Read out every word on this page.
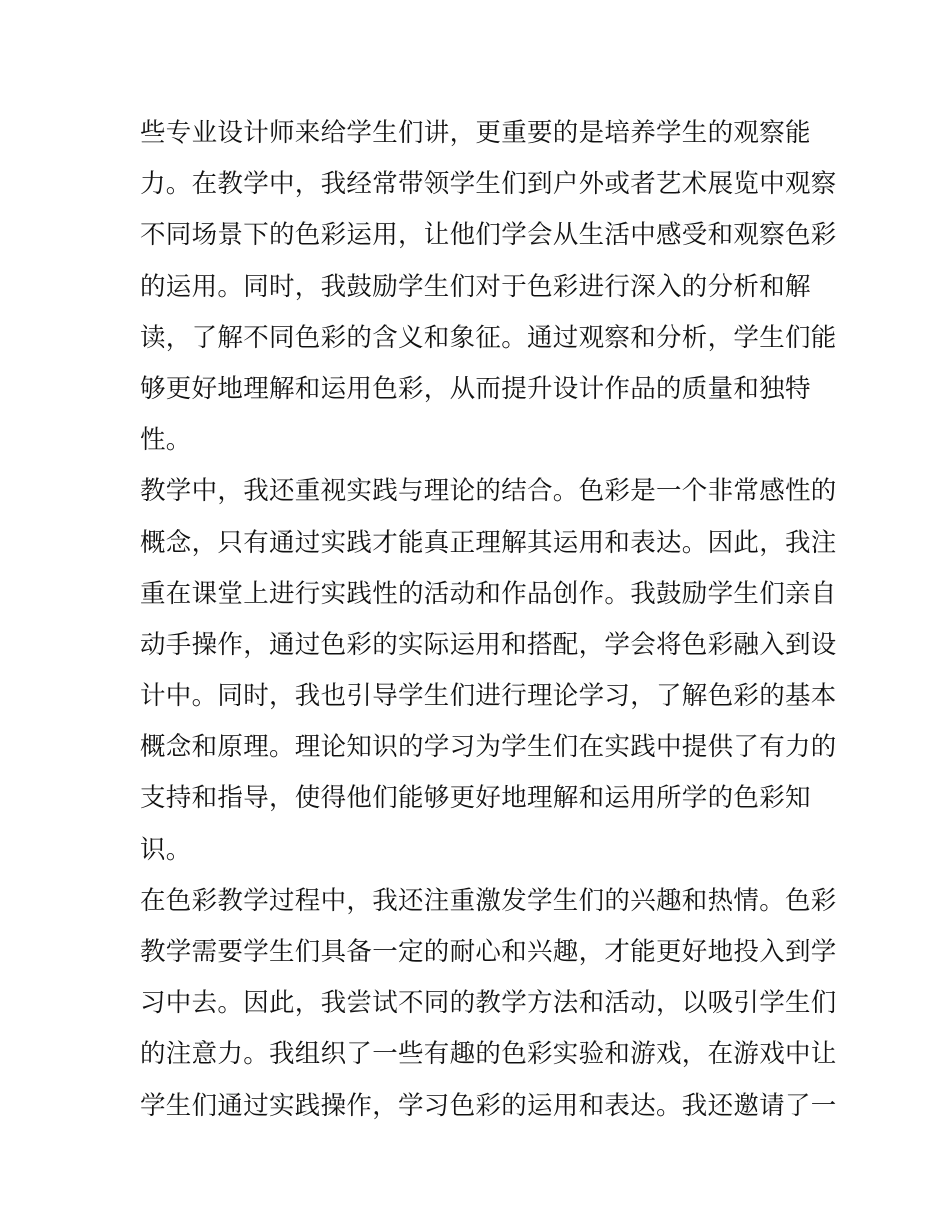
些专业设计师来给学生们讲，更重要的是培养学生的观察能
力。在教学中，我经常带领学生们到户外或者艺术展览中观察
不同场景下的色彩运用，让他们学会从生活中感受和观察色彩
的运用。同时，我鼓励学生们对于色彩进行深入的分析和解
读，了解不同色彩的含义和象征。通过观察和分析，学生们能
够更好地理解和运用色彩，从而提升设计作品的质量和独特
性。
教学中，我还重视实践与理论的结合。色彩是一个非常感性的
概念，只有通过实践才能真正理解其运用和表达。因此，我注
重在课堂上进行实践性的活动和作品创作。我鼓励学生们亲自
动手操作，通过色彩的实际运用和搭配，学会将色彩融入到设
计中。同时，我也引导学生们进行理论学习，了解色彩的基本
概念和原理。理论知识的学习为学生们在实践中提供了有力的
支持和指导，使得他们能够更好地理解和运用所学的色彩知
识。
在色彩教学过程中，我还注重激发学生们的兴趣和热情。色彩
教学需要学生们具备一定的耐心和兴趣，才能更好地投入到学
习中去。因此，我尝试不同的教学方法和活动，以吸引学生们
的注意力。我组织了一些有趣的色彩实验和游戏，在游戏中让
学生们通过实践操作，学习色彩的运用和表达。我还邀请了一
